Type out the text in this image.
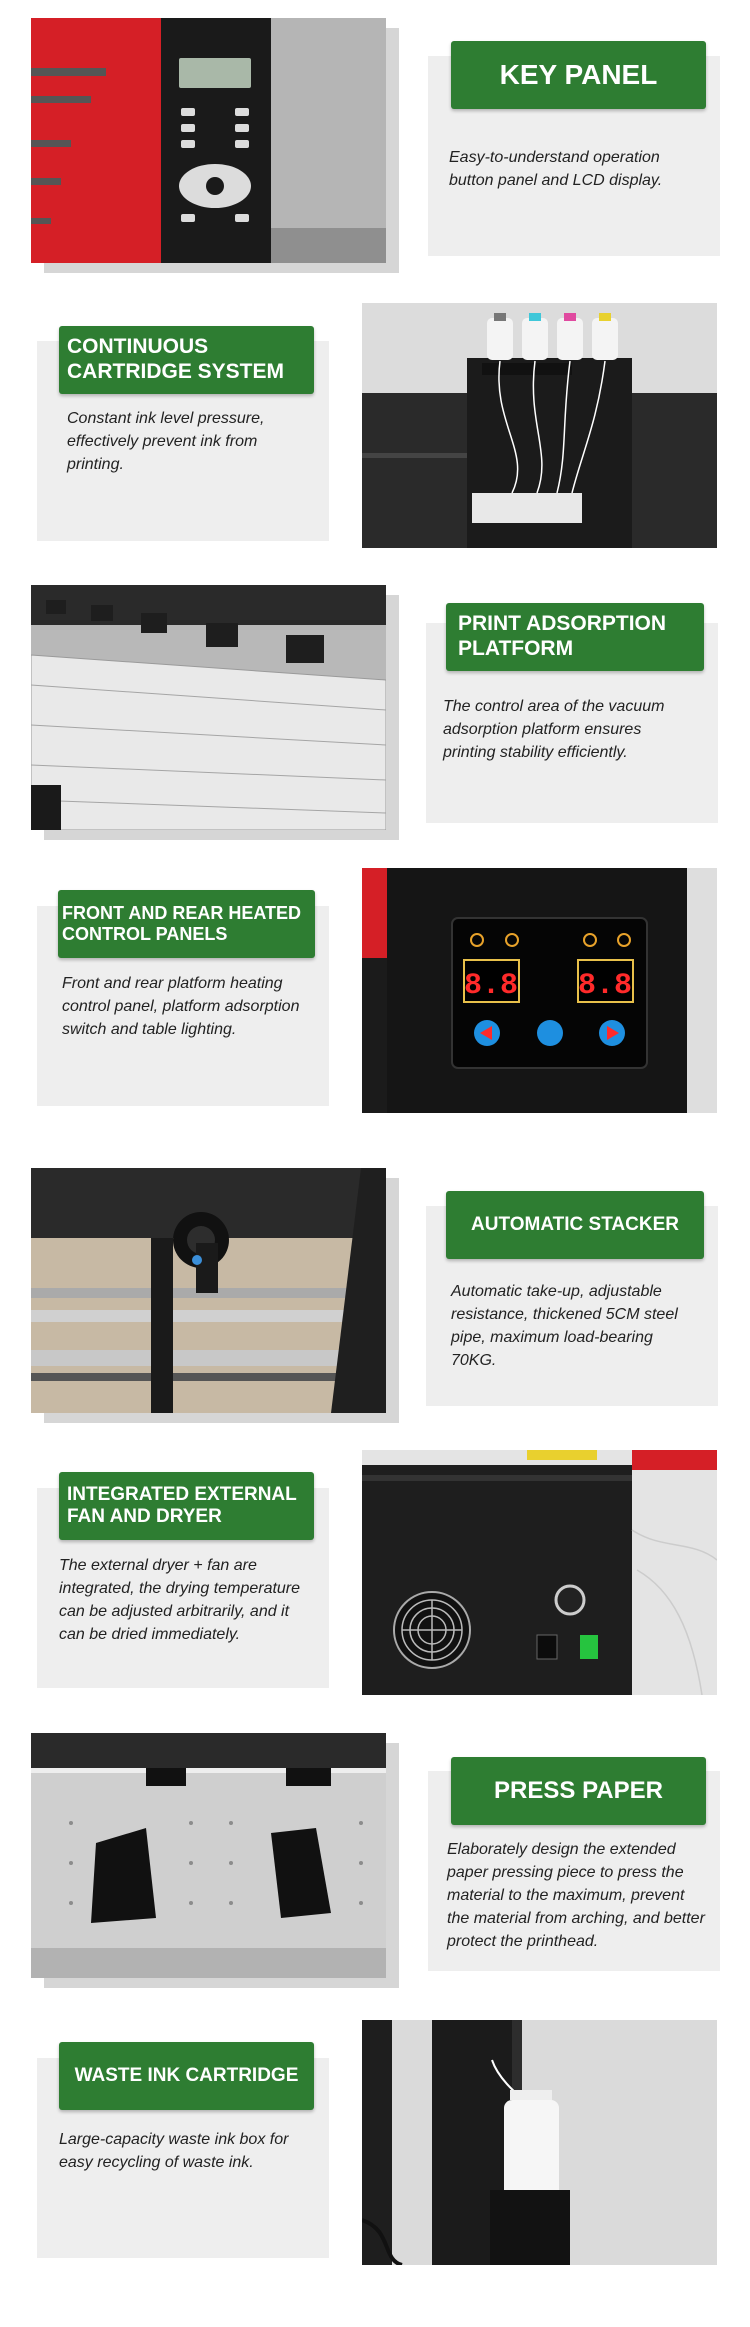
KEY PANEL
Easy-to-understand operation button panel and LCD display.
CONTINUOUS CARTRIDGE SYSTEM
Constant ink level pressure, effectively prevent ink from printing.
PRINT ADSORPTION PLATFORM
The control area of the vacuum adsorption platform ensures printing stability efficiently.
FRONT AND REAR HEATED CONTROL PANELS
Front and rear platform heating control panel, platform adsorption switch and table lighting.
8.8 8.8
AUTOMATIC STACKER
Automatic take-up, adjustable resistance, thickened 5CM steel pipe, maximum load-bearing 70KG.
INTEGRATED EXTERNAL FAN AND DRYER
The external dryer + fan are integrated, the drying temperature can be adjusted arbitrarily, and it can be dried immediately.
PRESS PAPER
Elaborately design the extended paper pressing piece to press the material to the maximum, prevent the material from arching, and better protect the printhead.
WASTE INK CARTRIDGE
Large-capacity waste ink box for easy recycling of waste ink.
